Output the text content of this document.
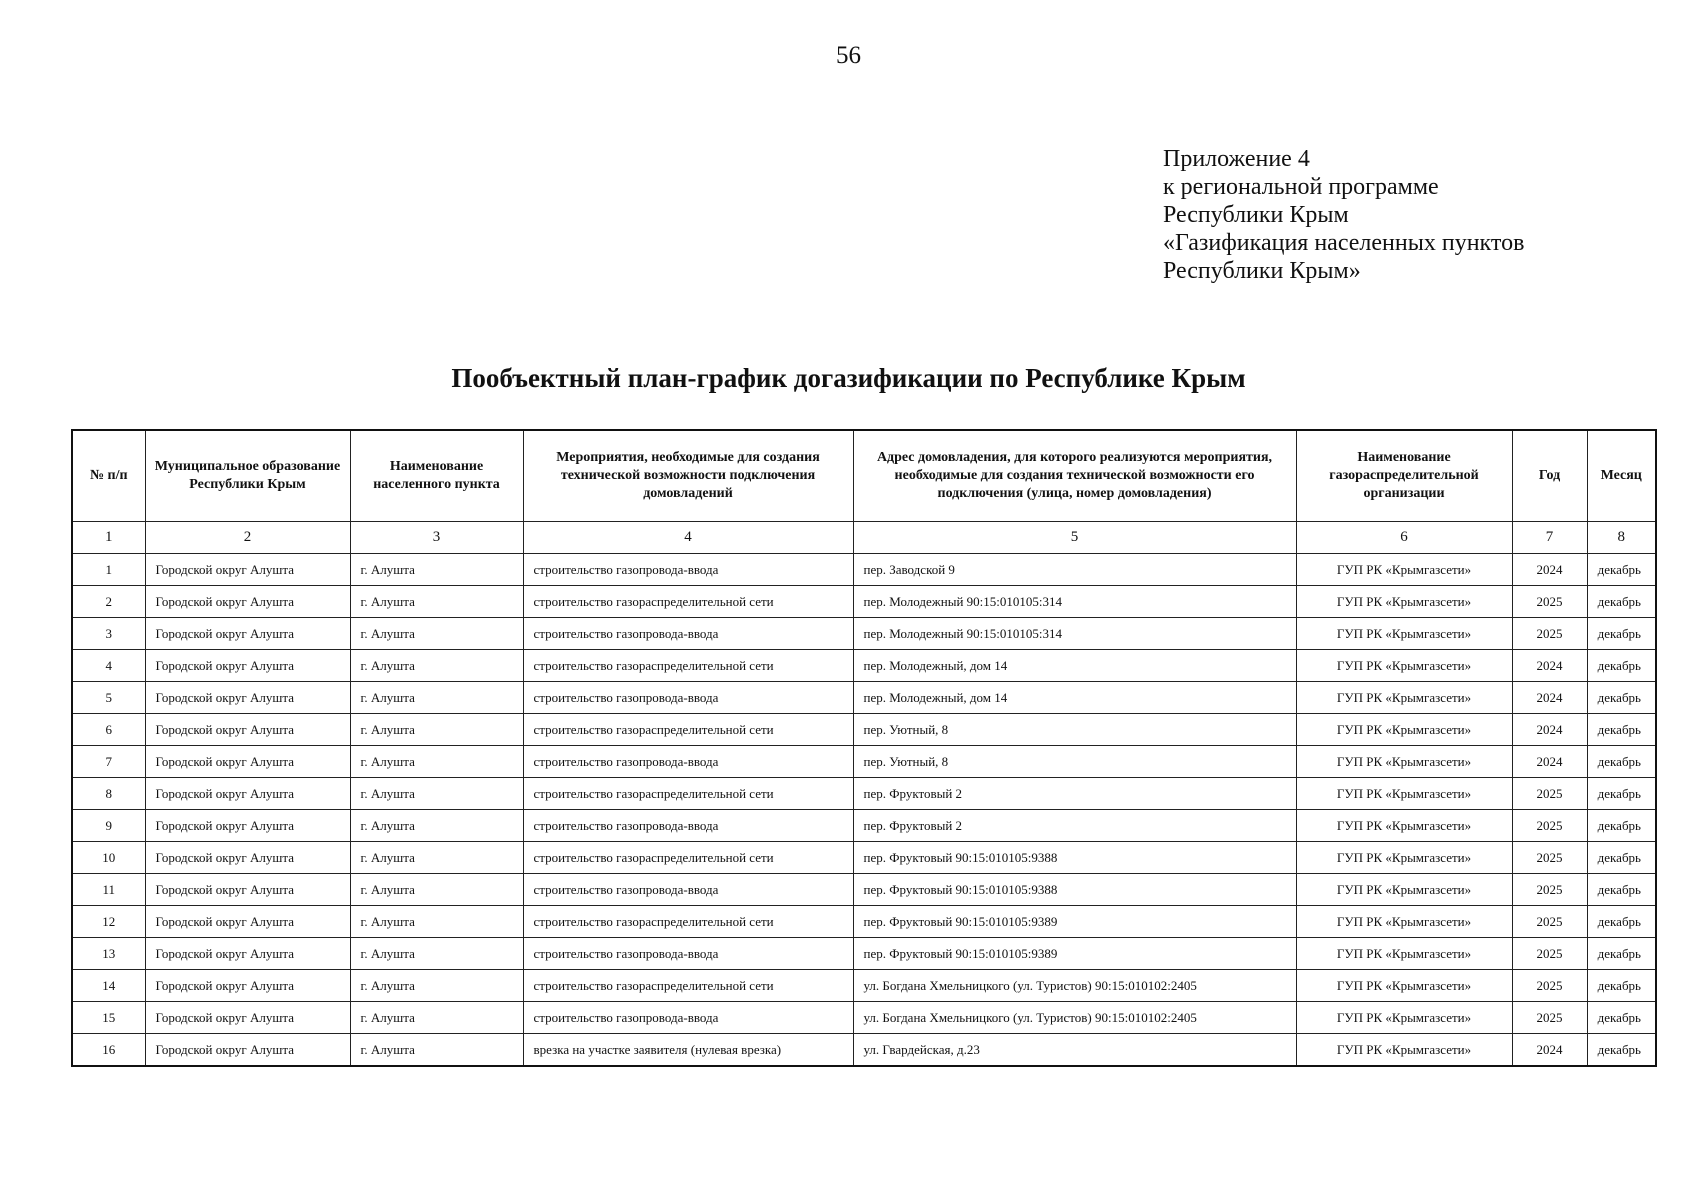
56
Приложение 4
к региональной программе
Республики Крым
«Газификация населенных пунктов
Республики Крым»
Пообъектный план-график догазификации по Республике Крым
№ п/п	Муниципальное образование Республики Крым	Наименование населенного пункта	Мероприятия, необходимые для создания технической возможности подключения домовладений	Адрес домовладения, для которого реализуются мероприятия, необходимые для создания технической возможности его подключения (улица, номер домовладения)	Наименование газораспределительной организации	Год	Месяц
1	2	3	4	5	6	7	8
1	Городской округ Алушта	г. Алушта	строительство газопровода-ввода	пер. Заводской 9	ГУП РК «Крымгазсети»	2024	декабрь
2	Городской округ Алушта	г. Алушта	строительство газораспределительной сети	пер. Молодежный 90:15:010105:314	ГУП РК «Крымгазсети»	2025	декабрь
3	Городской округ Алушта	г. Алушта	строительство газопровода-ввода	пер. Молодежный 90:15:010105:314	ГУП РК «Крымгазсети»	2025	декабрь
4	Городской округ Алушта	г. Алушта	строительство газораспределительной сети	пер. Молодежный, дом 14	ГУП РК «Крымгазсети»	2024	декабрь
5	Городской округ Алушта	г. Алушта	строительство газопровода-ввода	пер. Молодежный, дом 14	ГУП РК «Крымгазсети»	2024	декабрь
6	Городской округ Алушта	г. Алушта	строительство газораспределительной сети	пер. Уютный, 8	ГУП РК «Крымгазсети»	2024	декабрь
7	Городской округ Алушта	г. Алушта	строительство газопровода-ввода	пер. Уютный, 8	ГУП РК «Крымгазсети»	2024	декабрь
8	Городской округ Алушта	г. Алушта	строительство газораспределительной сети	пер. Фруктовый 2	ГУП РК «Крымгазсети»	2025	декабрь
9	Городской округ Алушта	г. Алушта	строительство газопровода-ввода	пер. Фруктовый 2	ГУП РК «Крымгазсети»	2025	декабрь
10	Городской округ Алушта	г. Алушта	строительство газораспределительной сети	пер. Фруктовый 90:15:010105:9388	ГУП РК «Крымгазсети»	2025	декабрь
11	Городской округ Алушта	г. Алушта	строительство газопровода-ввода	пер. Фруктовый 90:15:010105:9388	ГУП РК «Крымгазсети»	2025	декабрь
12	Городской округ Алушта	г. Алушта	строительство газораспределительной сети	пер. Фруктовый 90:15:010105:9389	ГУП РК «Крымгазсети»	2025	декабрь
13	Городской округ Алушта	г. Алушта	строительство газопровода-ввода	пер. Фруктовый 90:15:010105:9389	ГУП РК «Крымгазсети»	2025	декабрь
14	Городской округ Алушта	г. Алушта	строительство газораспределительной сети	ул. Богдана Хмельницкого (ул. Туристов) 90:15:010102:2405	ГУП РК «Крымгазсети»	2025	декабрь
15	Городской округ Алушта	г. Алушта	строительство газопровода-ввода	ул. Богдана Хмельницкого (ул. Туристов) 90:15:010102:2405	ГУП РК «Крымгазсети»	2025	декабрь
16	Городской округ Алушта	г. Алушта	врезка на участке заявителя (нулевая врезка)	ул. Гвардейская, д.23	ГУП РК «Крымгазсети»	2024	декабрь
